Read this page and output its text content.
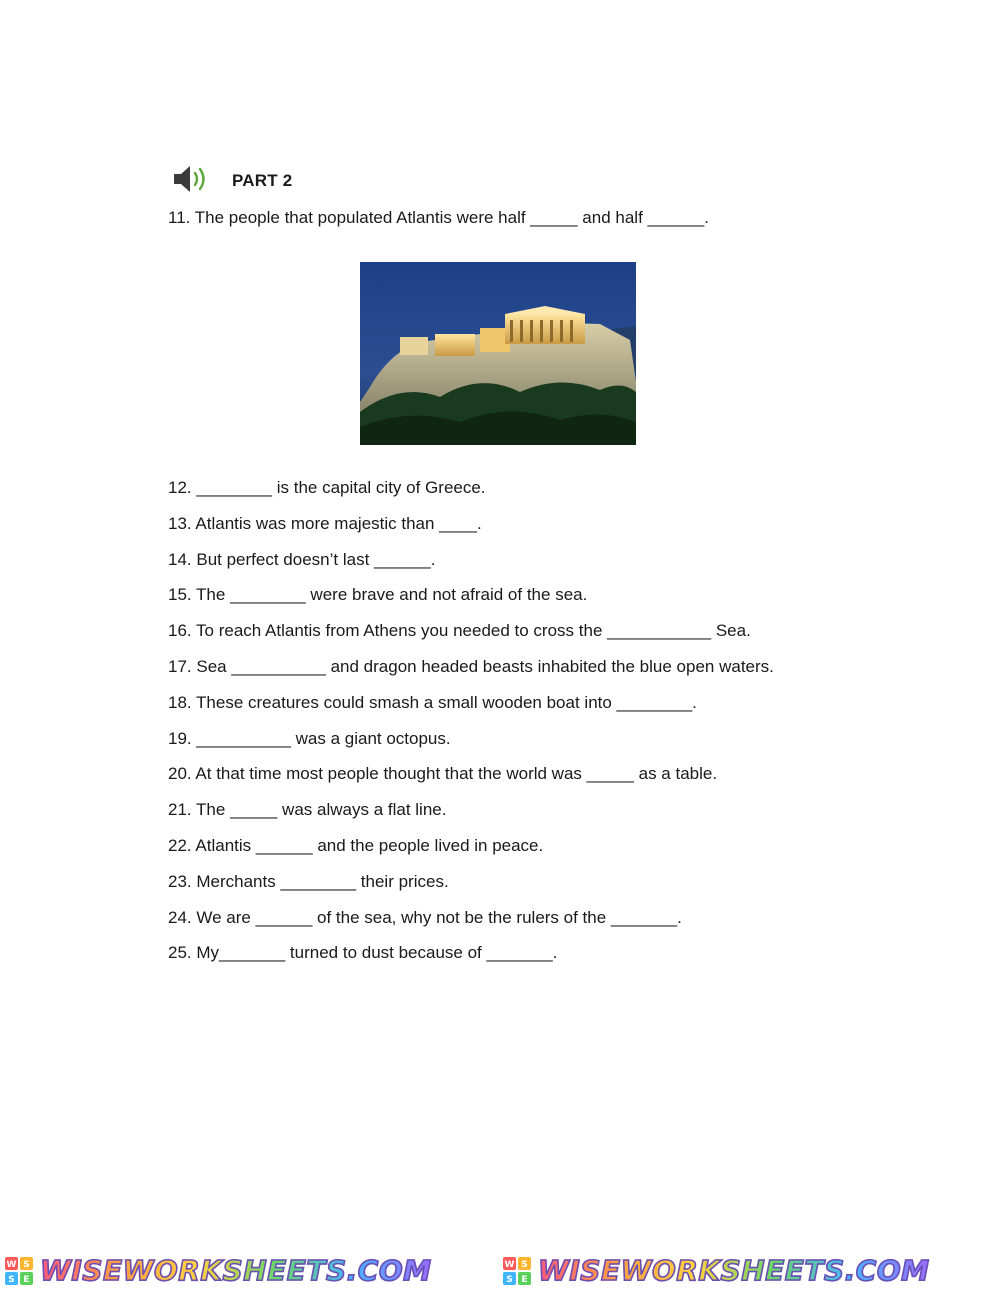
PART 2
11. The people that populated Atlantis were half _____ and half ______.
12. ________ is the capital city of Greece.
13. Atlantis was more majestic than ____.
14. But perfect doesn’t last ______.
15. The ________ were brave and not afraid of the sea.
16. To reach Atlantis from Athens you needed to cross the ___________ Sea.
17. Sea __________ and dragon headed beasts inhabited the blue open waters.
18. These creatures could smash a small wooden boat into ________.
19. __________ was a giant octopus.
20. At that time most people thought that the world was _____ as a table.
21. The _____ was always a flat line.
22. Atlantis ______ and the people lived in peace.
23. Merchants ________ their prices.
24. We are ______ of the sea, why not be the rulers of the _______.
25. My_______ turned to dust because of _______.
W S
S E WISEWORKSHEETS.COM	W S
S E WISEWORKSHEETS.COM
